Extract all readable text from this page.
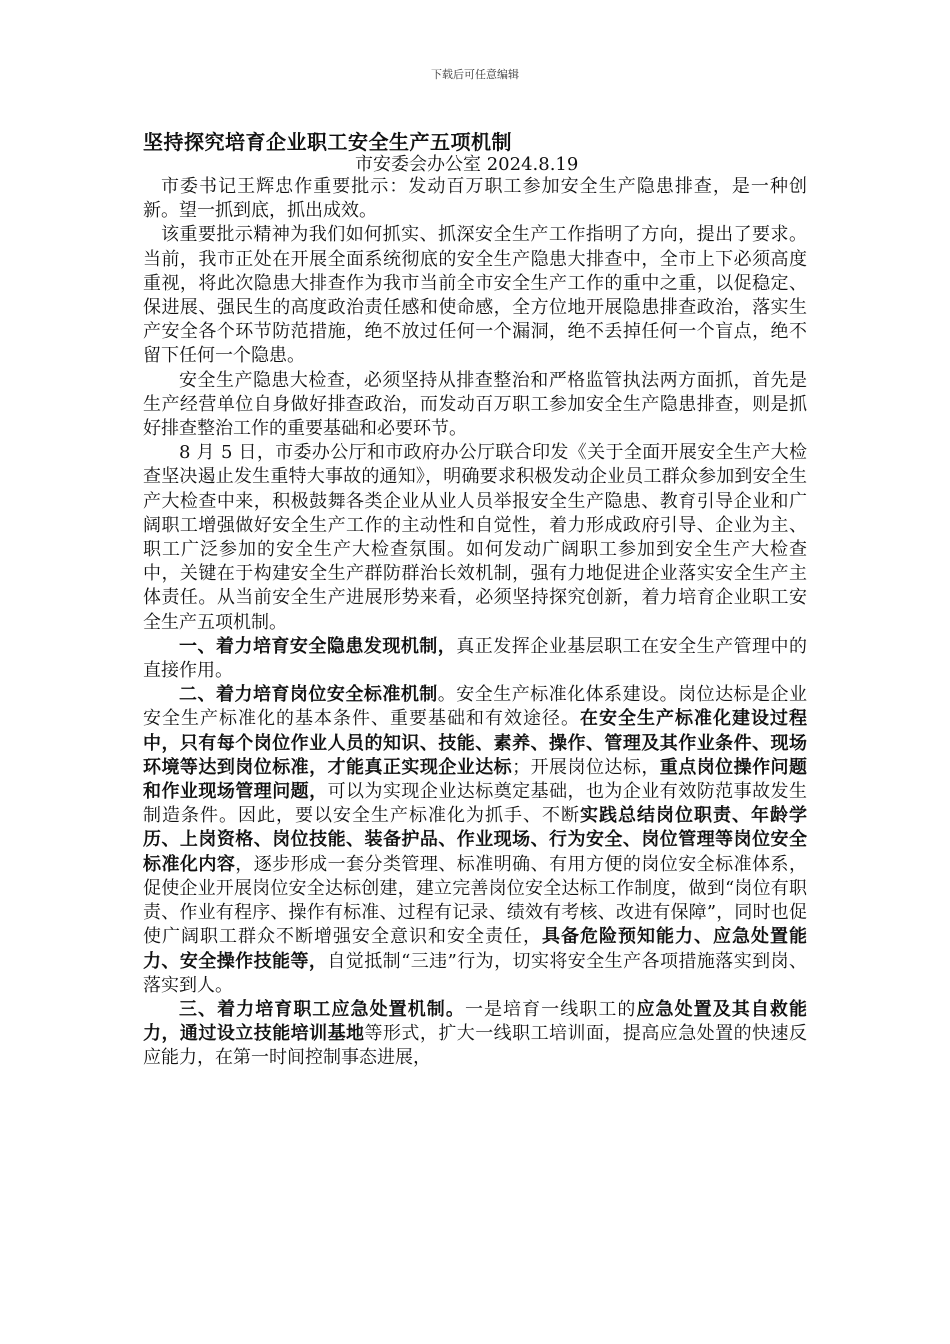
下载后可任意编辑
坚持探究培育企业职工安全生产五项机制
市安委会办公室 2024.8.19

市委书记王辉忠作重要批示：发动百万职工参加安全生产隐患排查，是一种创新。望一抓到底，抓出成效。

该重要批示精神为我们如何抓实、抓深安全生产工作指明了方向，提出了要求。当前，我市正处在开展全面系统彻底的安全生产隐患大排查中，全市上下必须高度重视，将此次隐患大排查作为我市当前全市安全生产工作的重中之重，以促稳定、保进展、强民生的高度政治责任感和使命感，全方位地开展隐患排查政治，落实生产安全各个环节防范措施，绝不放过任何一个漏洞，绝不丢掉任何一个盲点，绝不留下任何一个隐患。

安全生产隐患大检查，必须坚持从排查整治和严格监管执法两方面抓，首先是生产经营单位自身做好排查政治，而发动百万职工参加安全生产隐患排查，则是抓好排查整治工作的重要基础和必要环节。

8 月 5 日，市委办公厅和市政府办公厅联合印发《关于全面开展安全生产大检查坚决遏止发生重特大事故的通知》，明确要求积极发动企业员工群众参加到安全生产大检查中来，积极鼓舞各类企业从业人员举报安全生产隐患、教育引导企业和广阔职工增强做好安全生产工作的主动性和自觉性，着力形成政府引导、企业为主、职工广泛参加的安全生产大检查氛围。如何发动广阔职工参加到安全生产大检查中，关键在于构建安全生产群防群治长效机制，强有力地促进企业落实安全生产主体责任。从当前安全生产进展形势来看，必须坚持探究创新，着力培育企业职工安全生产五项机制。

一、着力培育安全隐患发现机制，真正发挥企业基层职工在安全生产管理中的直接作用。

二、着力培育岗位安全标准机制。安全生产标准化体系建设。岗位达标是企业安全生产标准化的基本条件、重要基础和有效途径。在安全生产标准化建设过程中，只有每个岗位作业人员的知识、技能、素养、操作、管理及其作业条件、现场环境等达到岗位标准，才能真正实现企业达标；开展岗位达标，重点岗位操作问题和作业现场管理问题，可以为实现企业达标奠定基础，也为企业有效防范事故发生制造条件。因此，要以安全生产标准化为抓手、不断实践总结岗位职责、年龄学历、上岗资格、岗位技能、装备护品、作业现场、行为安全、岗位管理等岗位安全标准化内容，逐步形成一套分类管理、标准明确、有用方便的岗位安全标准体系，促使企业开展岗位安全达标创建，建立完善岗位安全达标工作制度，做到“岗位有职责、作业有程序、操作有标准、过程有记录、绩效有考核、改进有保障”，同时也促使广阔职工群众不断增强安全意识和安全责任，具备危险预知能力、应急处置能力、安全操作技能等，自觉抵制“三违”行为，切实将安全生产各项措施落实到岗、落实到人。

三、着力培育职工应急处置机制。一是培育一线职工的应急处置及其自救能力，通过设立技能培训基地等形式，扩大一线职工培训面，提高应急处置的快速反应能力，在第一时间控制事态进展，
